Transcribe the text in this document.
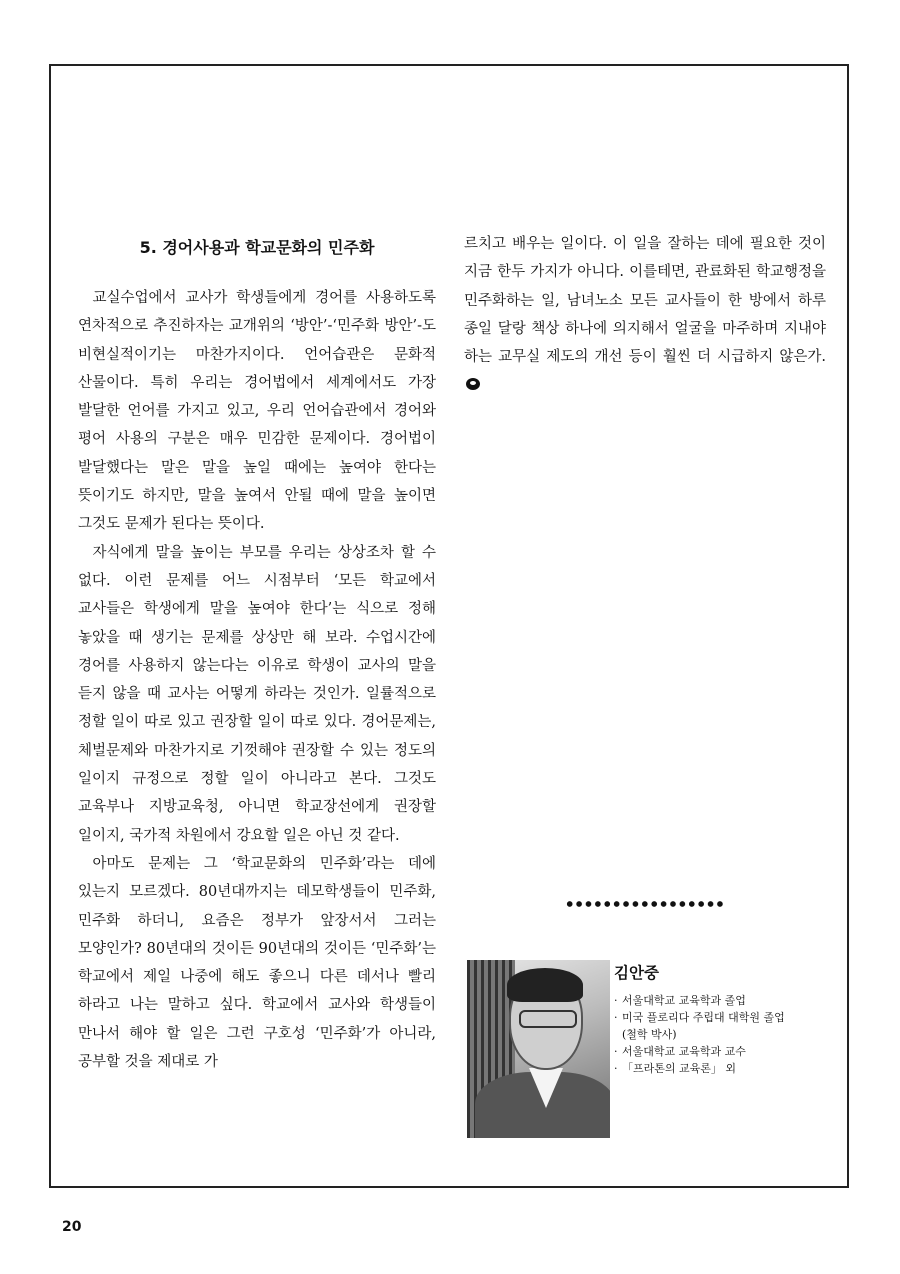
5. 경어사용과 학교문화의 민주화

교실수업에서 교사가 학생들에게 경어를 사용하도록 연차적으로 추진하자는 교개위의 ‘방안’-‘민주화 방안’-도 비현실적이기는 마찬가지이다. 언어습관은 문화적 산물이다. 특히 우리는 경어법에서 세계에서도 가장 발달한 언어를 가지고 있고, 우리 언어습관에서 경어와 평어 사용의 구분은 매우 민감한 문제이다. 경어법이 발달했다는 말은 말을 높일 때에는 높여야 한다는 뜻이기도 하지만, 말을 높여서 안될 때에 말을 높이면 그것도 문제가 된다는 뜻이다.

자식에게 말을 높이는 부모를 우리는 상상조차 할 수 없다. 이런 문제를 어느 시점부터 ‘모든 학교에서 교사들은 학생에게 말을 높여야 한다’는 식으로 정해 놓았을 때 생기는 문제를 상상만 해 보라. 수업시간에 경어를 사용하지 않는다는 이유로 학생이 교사의 말을 듣지 않을 때 교사는 어떻게 하라는 것인가. 일률적으로 정할 일이 따로 있고 권장할 일이 따로 있다. 경어문제는, 체벌문제와 마찬가지로 기껏해야 권장할 수 있는 정도의 일이지 규정으로 정할 일이 아니라고 본다. 그것도 교육부나 지방교육청, 아니면 학교장선에게 권장할 일이지, 국가적 차원에서 강요할 일은 아닌 것 같다.

아마도 문제는 그 ‘학교문화의 민주화’라는 데에 있는지 모르겠다. 80년대까지는 데모학생들이 민주화, 민주화 하더니, 요즘은 정부가 앞장서서 그러는 모양인가? 80년대의 것이든 90년대의 것이든 ‘민주화’는 학교에서 제일 나중에 해도 좋으니 다른 데서나 빨리 하라고 나는 말하고 싶다. 학교에서 교사와 학생들이 만나서 해야 할 일은 그런 구호성 ‘민주화’가 아니라, 공부할 것을 제대로 가

르치고 배우는 일이다. 이 일을 잘하는 데에 필요한 것이 지금 한두 가지가 아니다. 이를테면, 관료화된 학교행정을 민주화하는 일, 남녀노소 모든 교사들이 한 방에서 하루 종일 달랑 책상 하나에 의지해서 얼굴을 마주하며 지내야 하는 교무실 제도의 개선 등이 훨씬 더 시급하지 않은가.
김안중
· 서울대학교 교육학과 졸업
· 미국 플로리다 주립대 대학원 졸업
(철학 박사)
· 서울대학교 교육학과 교수
· 「프라톤의 교육론」 외
20
